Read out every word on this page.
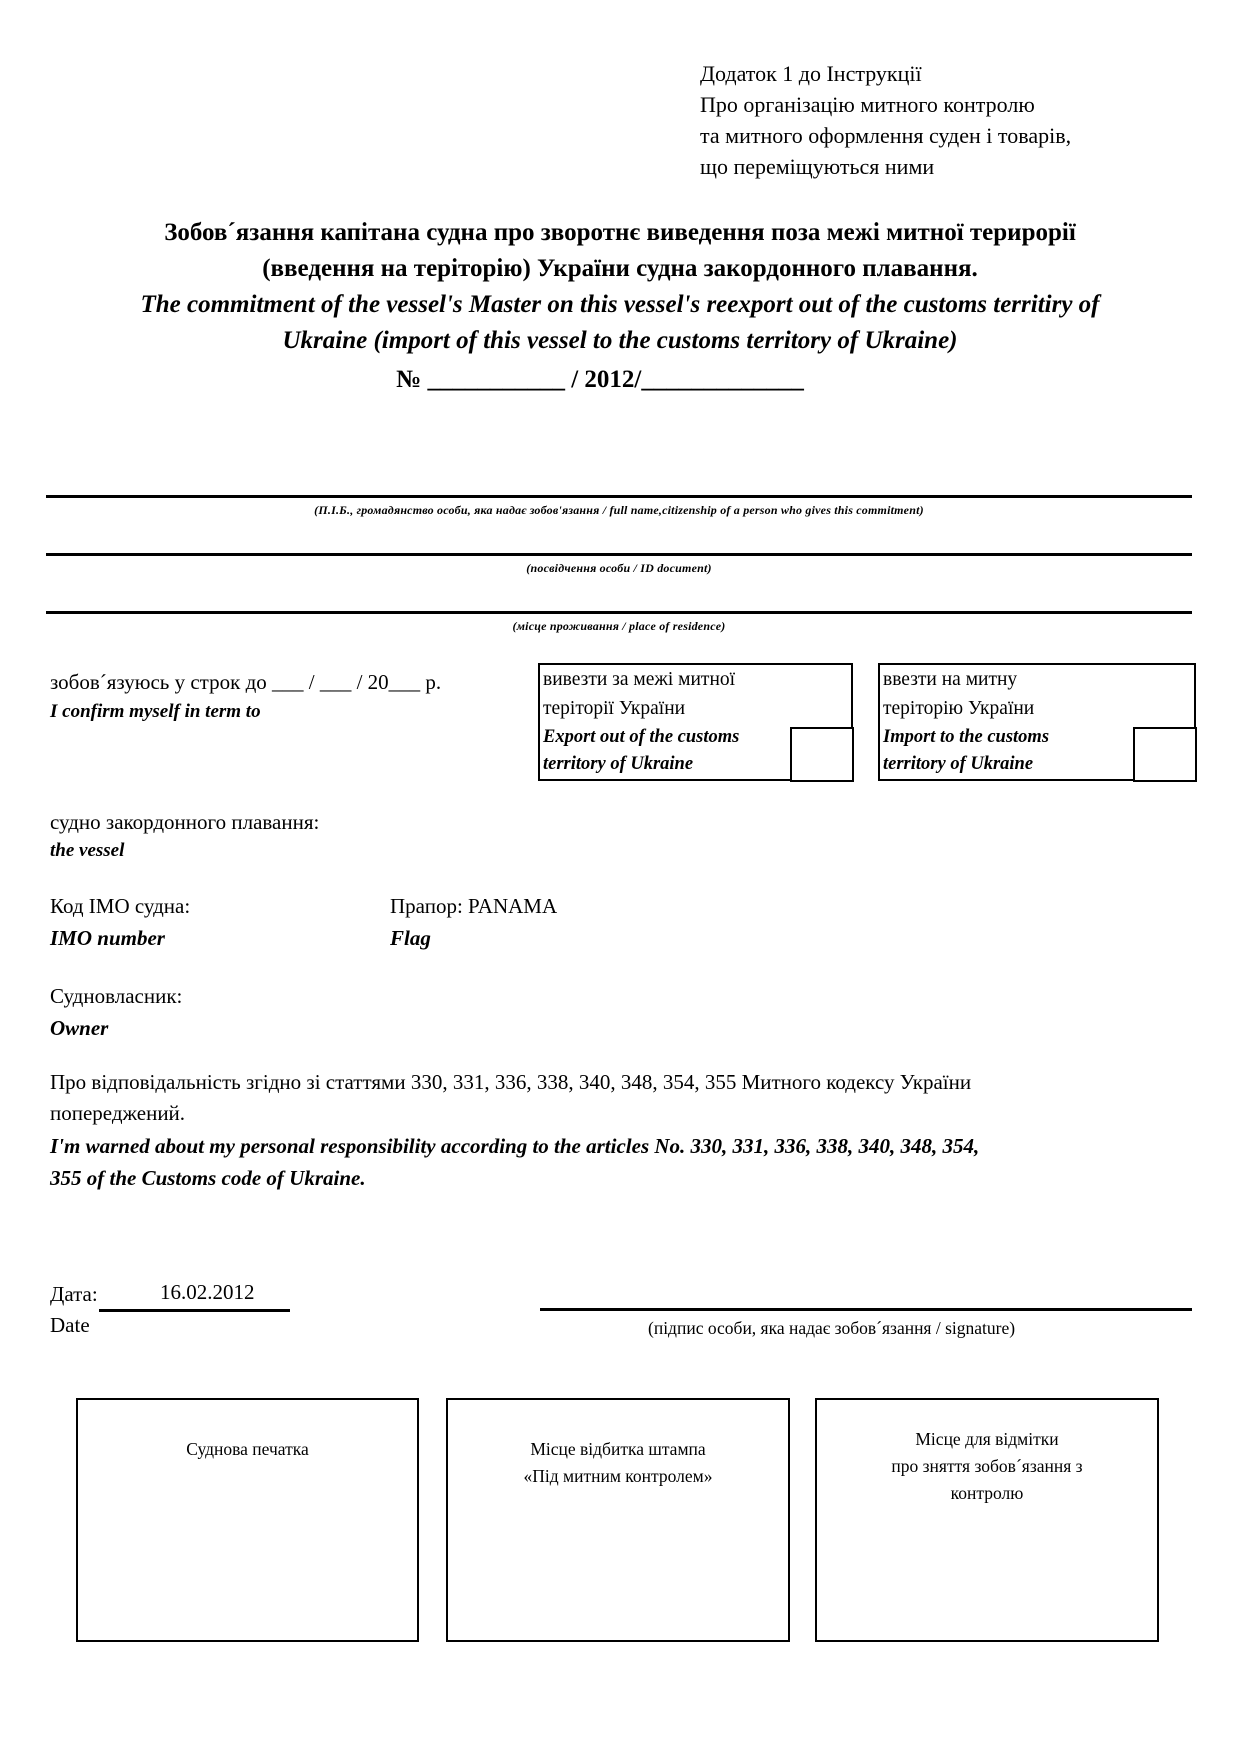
Додаток 1 до Інструкції
Про організацію митного контролю
та митного оформлення суден і товарів,
що переміщуються ними
Зобов´язання капітана судна про зворотнє виведення поза межі митної терирорії
(введення на теріторію) України судна закордонного плавання.
The commitment of the vessel's Master on this vessel's reexport out of the customs territiry of
Ukraine (import of this vessel to the customs territory of Ukraine)
№ ___________ / 2012/_____________
(П.І.Б., громадянство особи, яка надає зобов'язання / full name,citizenship of a person who gives this commitment)
(посвідчення особи / ID document)
(місце проживання / place of residence)
зобов´язуюсь у строк до ___ / ___ / 20___ р.
I confirm myself in term to
вивезти за межі митної
теріторії України
Export out of the customs
territory of Ukraine
ввезти на митну
теріторію України
Import to the customs
territory of Ukraine
судно закордонного плавання:
the vessel
Код IMO судна:
IMO number
Прапор: PANAMA
Flag
Судновласник:
Owner
Про відповідальність згідно зі статтями 330, 331, 336, 338, 340, 348, 354, 355 Митного кодексу України
попереджений.
I'm warned about my personal responsibility according to the articles No. 330, 331, 336, 338, 340, 348, 354,
355 of the Customs code of Ukraine.
Дата:	16.02.2012
Date	(підпис особи, яка надає зобов´язання / signature)
Суднова печатка	Місце відбитка штампа
«Під митним контролем»
Місце для відмітки
про зняття зобов´язання з
контролю
